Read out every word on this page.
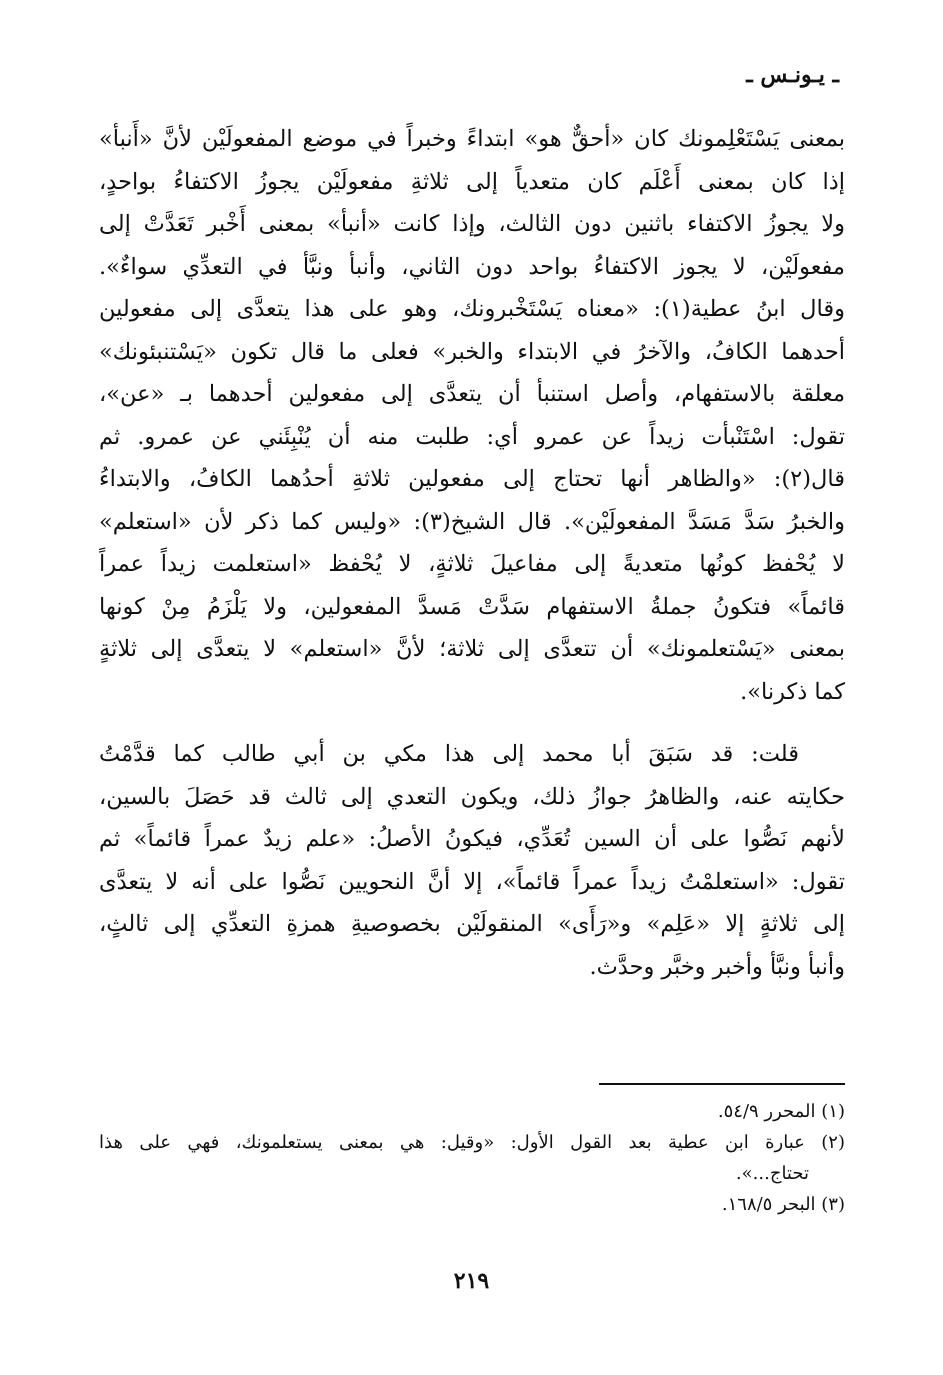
ـ يـونـس ـ
بمعنى يَسْتَعْلِمونك كان «أحقٌّ هو» ابتداءً وخبراً في موضع المفعولَيْن لأنَّ «أَنبأ»
إذا كان بمعنى أَعْلَم كان متعدياً إلى ثلاثةِ مفعولَيْن يجوزُ الاكتفاءُ بواحدٍ،
ولا يجوزُ الاكتفاء باثنين دون الثالث، وإذا كانت «أنبأ» بمعنى أَخْبر تَعَدَّتْ إلى
مفعولَيْن، لا يجوز الاكتفاءُ بواحد دون الثاني، وأنبأ ونبَّأ في التعدِّي سواءٌ».
وقال ابنُ عطية(١): «معناه يَسْتَخْبرونك، وهو على هذا يتعدَّى إلى مفعولين
أحدهما الكافُ، والآخرُ في الابتداء والخبر» فعلى ما قال تكون «يَسْتنبئونك»
معلقة بالاستفهام، وأصل استنبأ أن يتعدَّى إلى مفعولين أحدهما بـ «عن»،
تقول: اسْتَنْبأت زيداً عن عمرو أي: طلبت منه أن يُنْبِئَني عن عمرو. ثم
قال(٢): «والظاهر أنها تحتاج إلى مفعولين ثلاثةِ أحدُهما الكافُ، والابتداءُ
والخبرُ سَدَّ مَسَدَّ المفعولَيْن». قال الشيخ(٣): «وليس كما ذكر لأن «استعلم»
لا يُحْفظ كونُها متعديةً إلى مفاعيلَ ثلاثةٍ، لا يُحْفظ «استعلمت زيداً عمراً
قائماً» فتكونُ جملةُ الاستفهام سَدَّتْ مَسدَّ المفعولين، ولا يَلْزَمُ مِنْ كونها
بمعنى «يَسْتعلمونك» أن تتعدَّى إلى ثلاثة؛ لأنَّ «استعلم» لا يتعدَّى إلى ثلاثةٍ
كما ذكرنا».
قلت: قد سَبَقَ أبا محمد إلى هذا مكي بن أبي طالب كما قدَّمْتُ
حكايته عنه، والظاهرُ جوازُ ذلك، ويكون التعدي إلى ثالث قد حَصَلَ بالسين،
لأنهم نَصُّوا على أن السين تُعَدِّي، فيكونُ الأصلُ: «علم زيدٌ عمراً قائماً» ثم
تقول: «استعلمْتُ زيداً عمراً قائماً»، إلا أنَّ النحويين نَصُّوا على أنه لا يتعدَّى
إلى ثلاثةٍ إلا «عَلِم» و«رَأَى» المنقولَيْن بخصوصيةِ همزةِ التعدِّي إلى ثالثٍ،
وأنبأ ونبَّأ وأخبر وخبَّر وحدَّث.
(١) المحرر ٥٤/٩.
(٢) عبارة ابن عطية بعد القول الأول: «وقيل: هي بمعنى يستعلمونك، فهي على هذا
تحتاج...».
(٣) البحر ١٦٨/٥.
٢١٩
